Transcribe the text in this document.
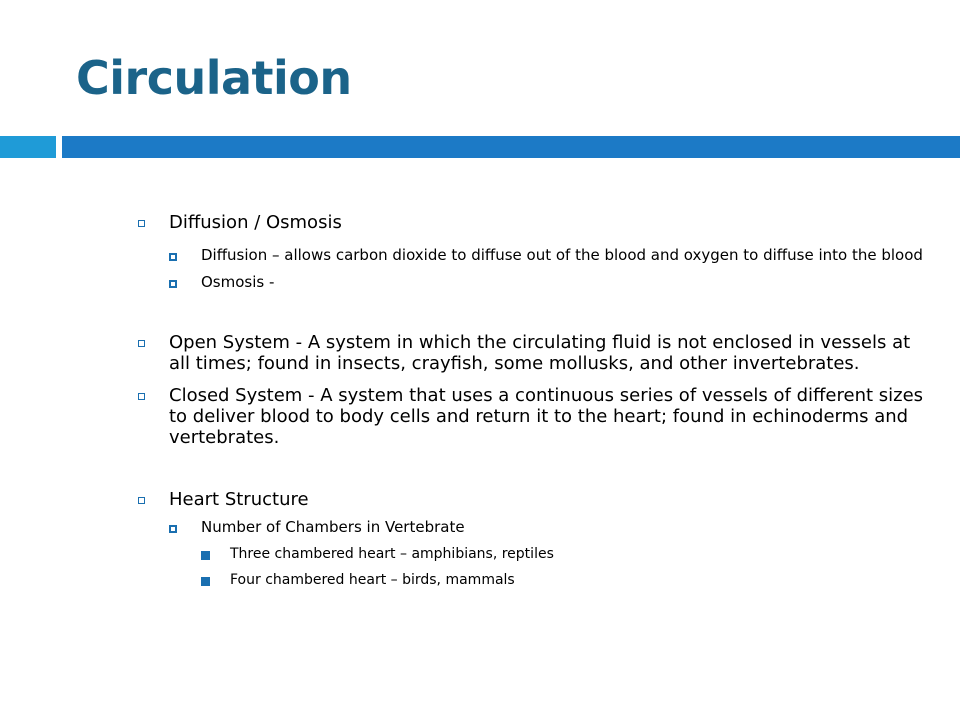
Circulation

Diffusion / Osmosis

Diffusion – allows carbon dioxide to diffuse out of the blood and oxygen to diffuse into the blood

Osmosis -

Open System - A system in which the circulating fluid is not enclosed in vessels at all times; found in insects, crayfish, some mollusks, and other invertebrates.

Closed System - A system that uses a continuous series of vessels of different sizes to deliver blood to body cells and return it to the heart; found in echinoderms and vertebrates.

Heart Structure

Number of Chambers in Vertebrate

Three chambered heart – amphibians, reptiles

Four chambered heart – birds, mammals
